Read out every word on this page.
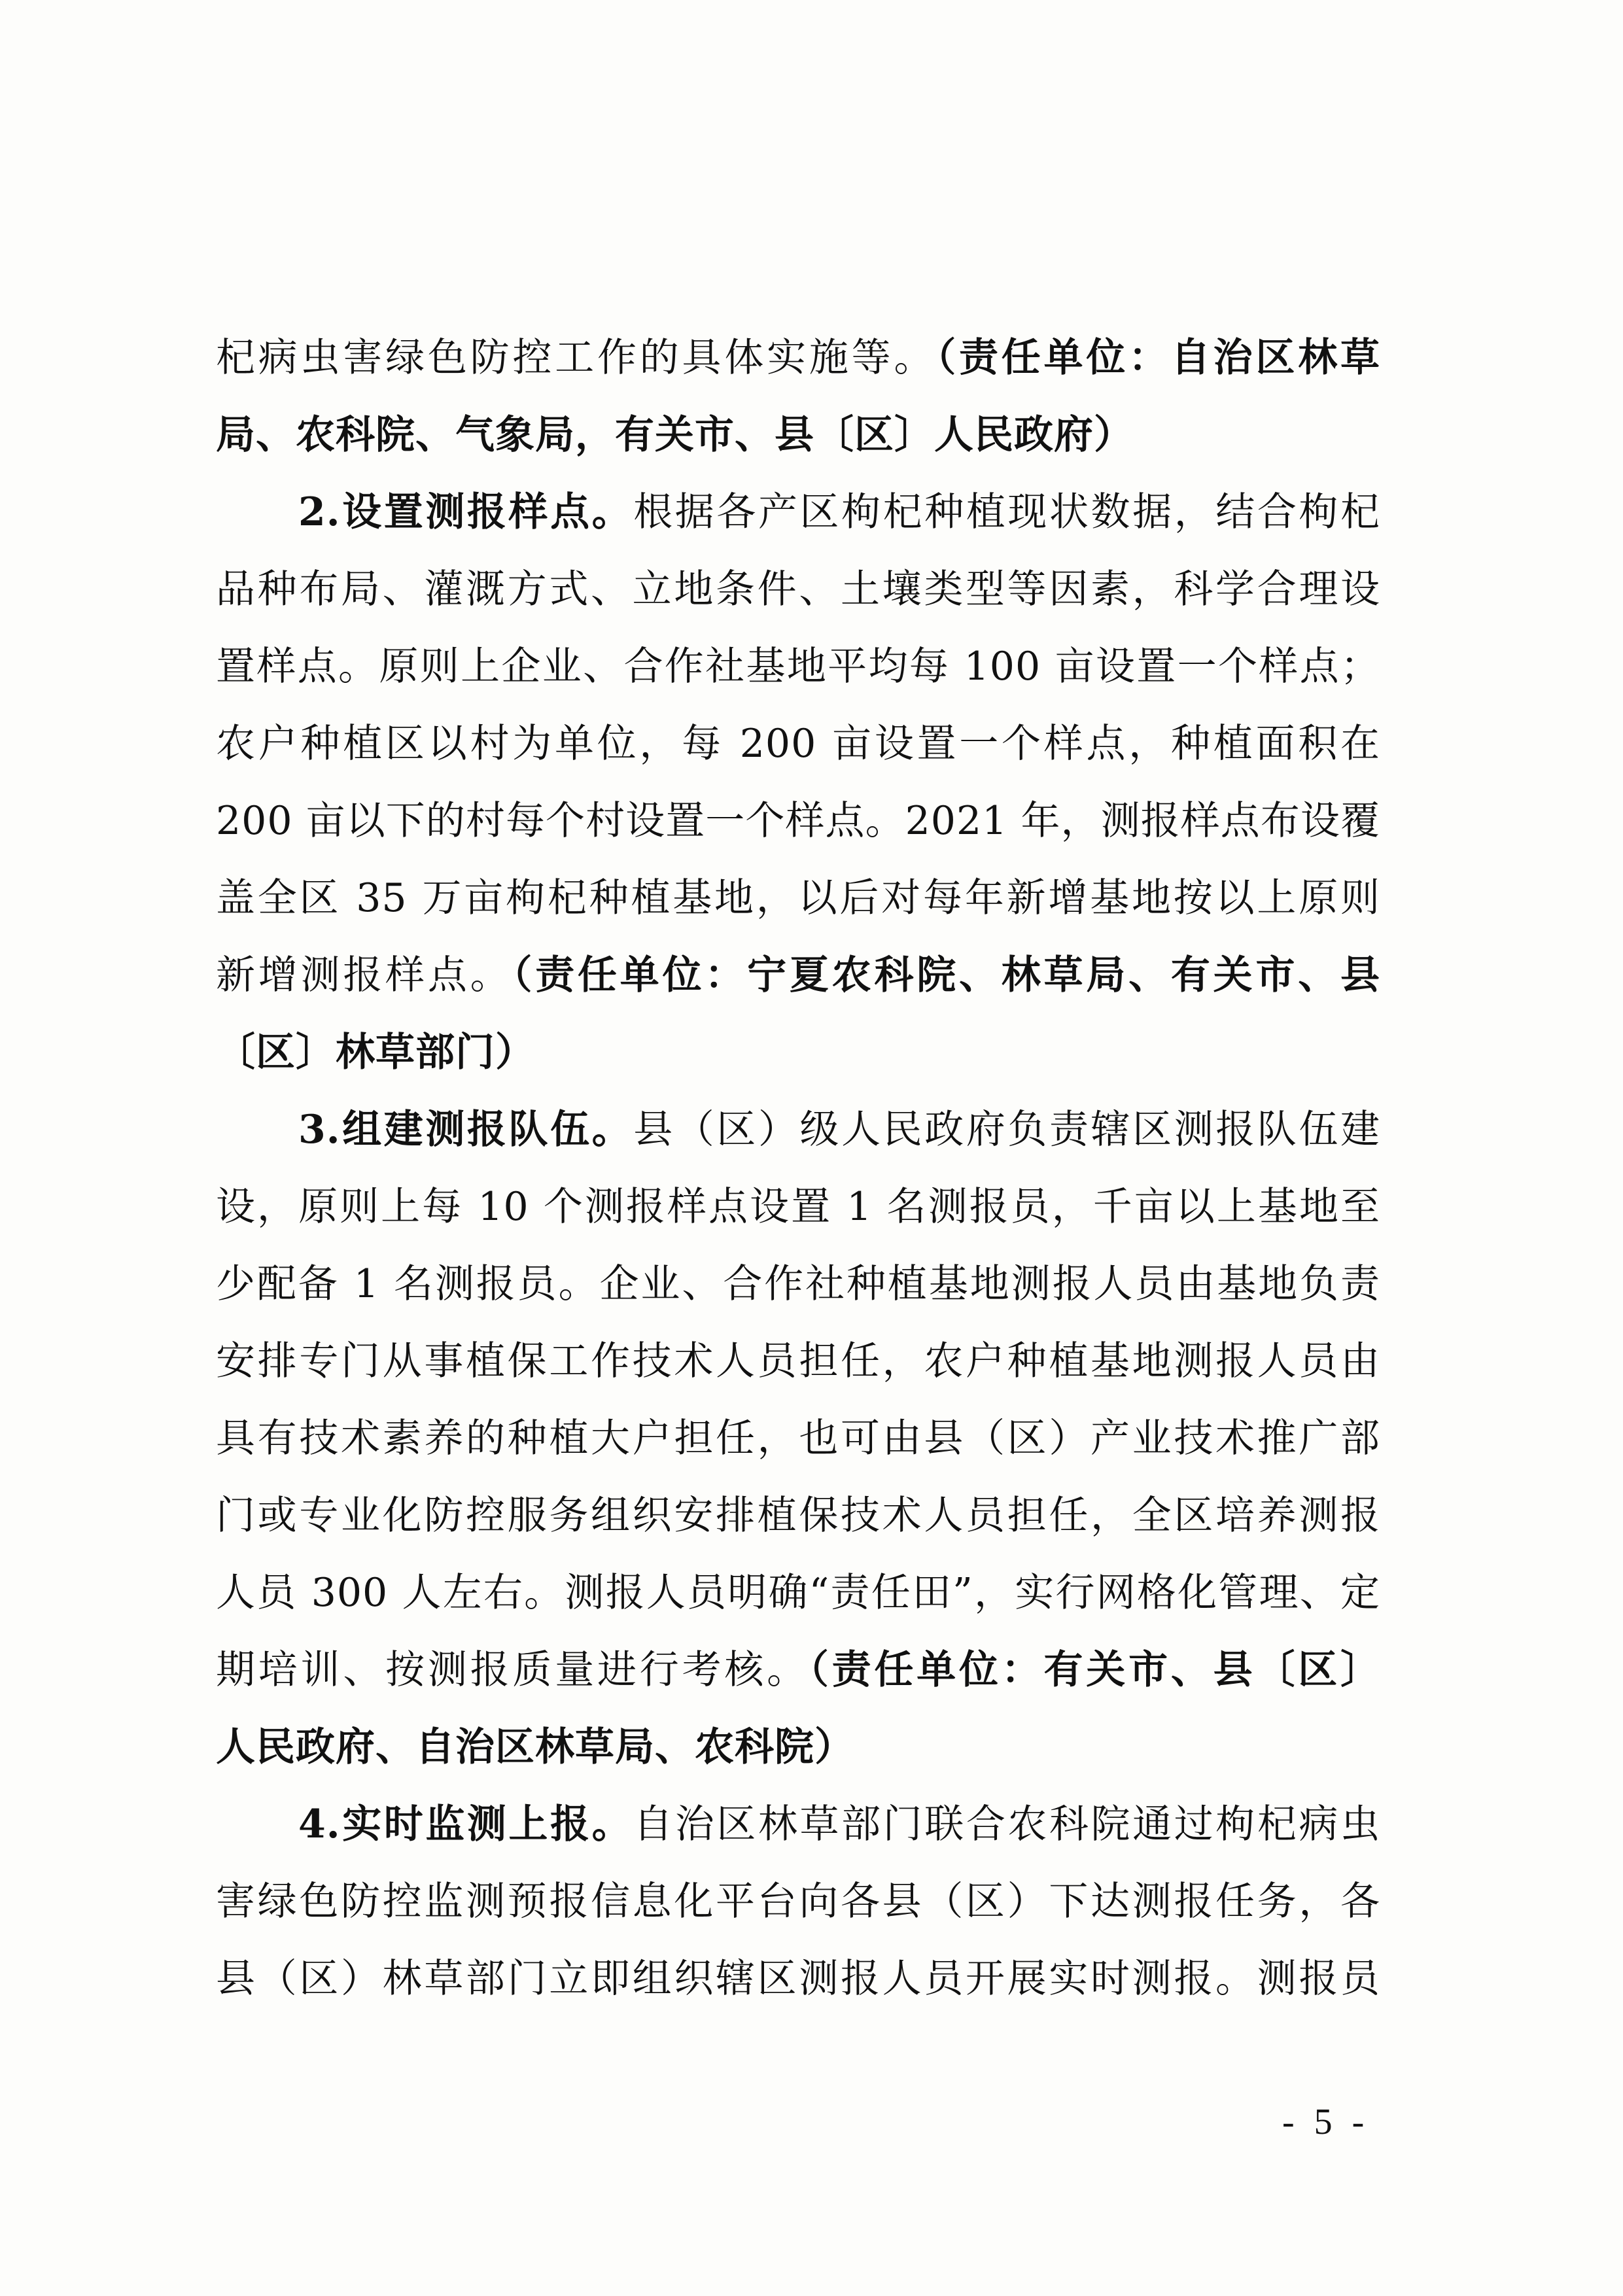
杞病虫害绿色防控工作的具体实施等。（责任单位：自治区林草
局、农科院、气象局，有关市、县〔区〕人民政府）
2.设置测报样点。根据各产区枸杞种植现状数据，结合枸杞
品种布局、灌溉方式、立地条件、土壤类型等因素，科学合理设
置样点。原则上企业、合作社基地平均每 100 亩设置一个样点；
农户种植区以村为单位，每 200 亩设置一个样点，种植面积在
200 亩以下的村每个村设置一个样点。2021 年，测报样点布设覆
盖全区 35 万亩枸杞种植基地，以后对每年新增基地按以上原则
新增测报样点。（责任单位：宁夏农科院、林草局、有关市、县
〔区〕林草部门）
3.组建测报队伍。县（区）级人民政府负责辖区测报队伍建
设，原则上每 10 个测报样点设置 1 名测报员，千亩以上基地至
少配备 1 名测报员。企业、合作社种植基地测报人员由基地负责
安排专门从事植保工作技术人员担任，农户种植基地测报人员由
具有技术素养的种植大户担任，也可由县（区）产业技术推广部
门或专业化防控服务组织安排植保技术人员担任，全区培养测报
人员 300 人左右。测报人员明确“责任田”，实行网格化管理、定
期培训、按测报质量进行考核。（责任单位：有关市、县〔区〕
人民政府、自治区林草局、农科院）
4.实时监测上报。自治区林草部门联合农科院通过枸杞病虫
害绿色防控监测预报信息化平台向各县（区）下达测报任务，各
县（区）林草部门立即组织辖区测报人员开展实时测报。测报员
- 5 -
